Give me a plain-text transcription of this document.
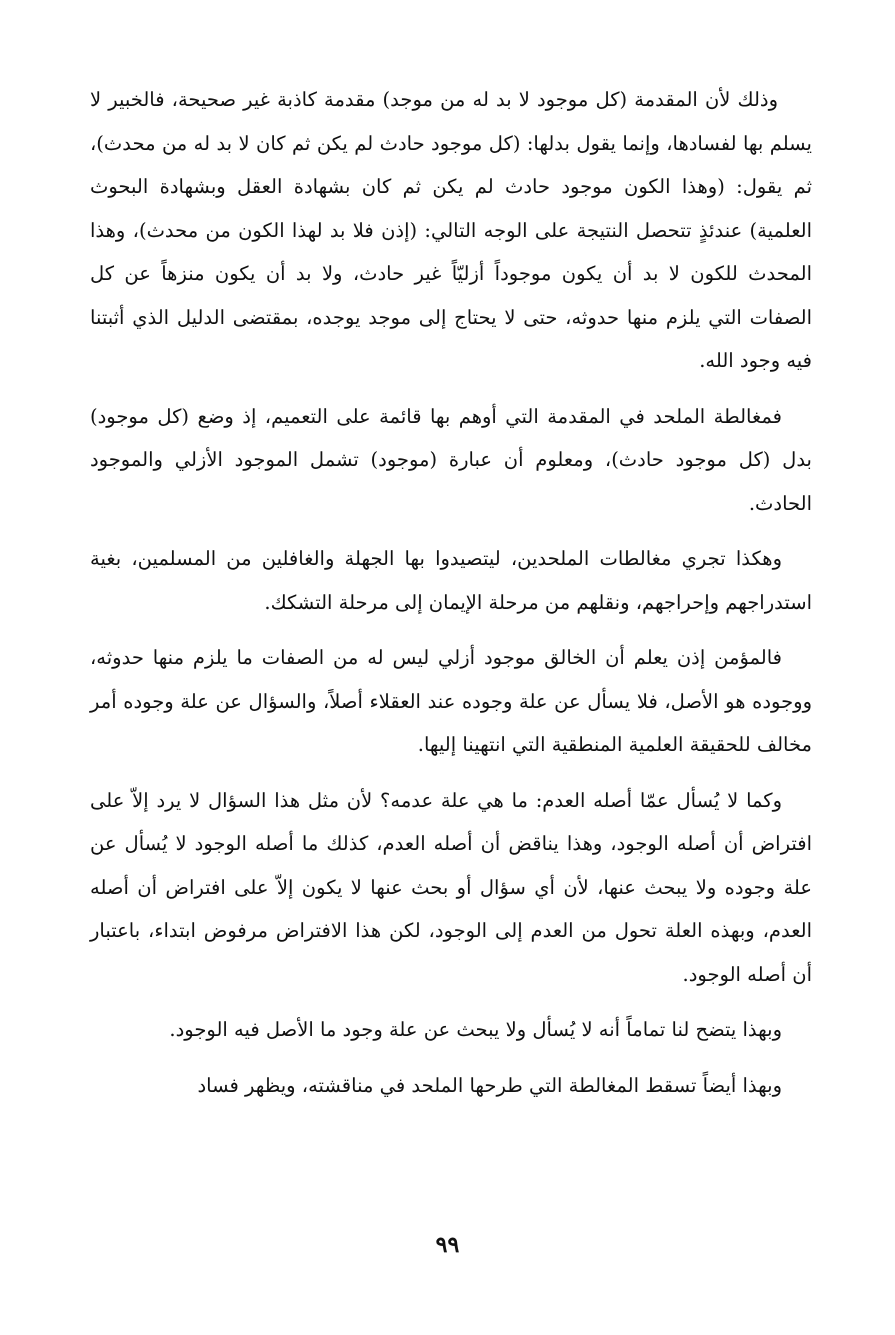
وذلك لأن المقدمة (كل موجود لا بد له من موجد) مقدمة كاذبة غير صحيحة، فالخبير لا يسلم بها لفسادها، وإنما يقول بدلها: (كل موجود حادث لم يكن ثم كان لا بد له من محدث)، ثم يقول: (وهذا الكون موجود حادث لم يكن ثم كان بشهادة العقل وبشهادة البحوث العلمية) عندئذٍ تتحصل النتيجة على الوجه التالي: (إذن فلا بد لهذا الكون من محدث)، وهذا المحدث للكون لا بد أن يكون موجوداً أزليّاً غير حادث، ولا بد أن يكون منزهاً عن كل الصفات التي يلزم منها حدوثه، حتى لا يحتاج إلى موجد يوجده، بمقتضى الدليل الذي أثبتنا فيه وجود الله.

فمغالطة الملحد في المقدمة التي أوهم بها قائمة على التعميم، إذ وضع (كل موجود) بدل (كل موجود حادث)، ومعلوم أن عبارة (موجود) تشمل الموجود الأزلي والموجود الحادث.

وهكذا تجري مغالطات الملحدين، ليتصيدوا بها الجهلة والغافلين من المسلمين، بغية استدراجهم وإحراجهم، ونقلهم من مرحلة الإيمان إلى مرحلة التشكك.

فالمؤمن إذن يعلم أن الخالق موجود أزلي ليس له من الصفات ما يلزم منها حدوثه، ووجوده هو الأصل، فلا يسأل عن علة وجوده عند العقلاء أصلاً، والسؤال عن علة وجوده أمر مخالف للحقيقة العلمية المنطقية التي انتهينا إليها.

وكما لا يُسأل عمّا أصله العدم: ما هي علة عدمه؟ لأن مثل هذا السؤال لا يرد إلاّ على افتراض أن أصله الوجود، وهذا يناقض أن أصله العدم، كذلك ما أصله الوجود لا يُسأل عن علة وجوده ولا يبحث عنها، لأن أي سؤال أو بحث عنها لا يكون إلاّ على افتراض أن أصله العدم، وبهذه العلة تحول من العدم إلى الوجود، لكن هذا الافتراض مرفوض ابتداء، باعتبار أن أصله الوجود.

وبهذا يتضح لنا تماماً أنه لا يُسأل ولا يبحث عن علة وجود ما الأصل فيه الوجود.

وبهذا أيضاً تسقط المغالطة التي طرحها الملحد في مناقشته، ويظهر فساد

٩٩
